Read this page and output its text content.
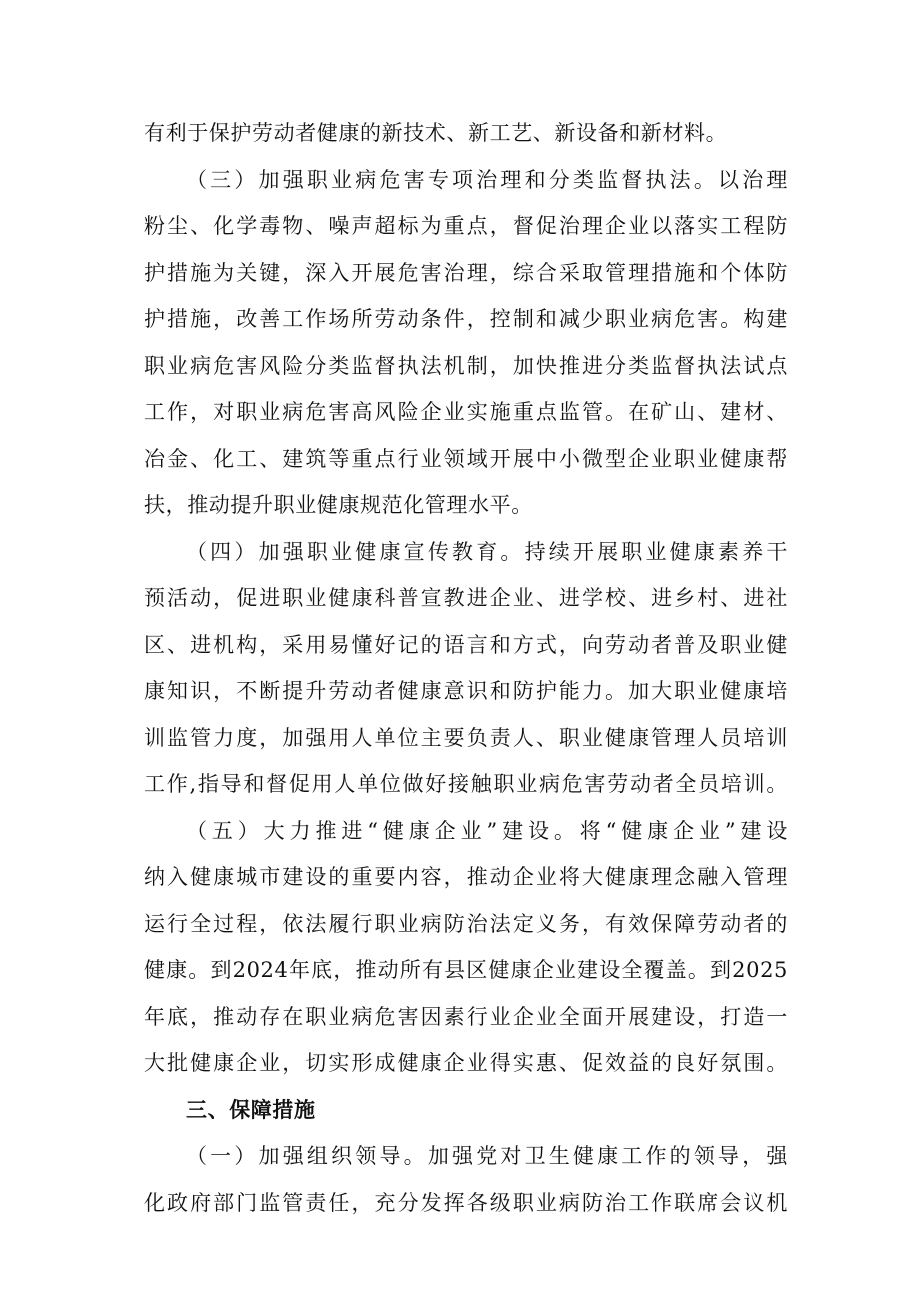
有利于保护劳动者健康的新技术、新工艺、新设备和新材料。
（三）加强职业病危害专项治理和分类监督执法。以治理
粉尘、化学毒物、噪声超标为重点，督促治理企业以落实工程防
护措施为关键，深入开展危害治理，综合采取管理措施和个体防
护措施，改善工作场所劳动条件，控制和减少职业病危害。构建
职业病危害风险分类监督执法机制，加快推进分类监督执法试点
工作，对职业病危害高风险企业实施重点监管。在矿山、建材、
冶金、化工、建筑等重点行业领域开展中小微型企业职业健康帮
扶，推动提升职业健康规范化管理水平。
（四）加强职业健康宣传教育。持续开展职业健康素养干
预活动，促进职业健康科普宣教进企业、进学校、进乡村、进社
区、进机构，采用易懂好记的语言和方式，向劳动者普及职业健
康知识，不断提升劳动者健康意识和防护能力。加大职业健康培
训监管力度，加强用人单位主要负责人、职业健康管理人员培训
工作,指导和督促用人单位做好接触职业病危害劳动者全员培训。
（五）大力推进“健康企业”建设。将“健康企业”建设
纳入健康城市建设的重要内容，推动企业将大健康理念融入管理
运行全过程，依法履行职业病防治法定义务，有效保障劳动者的
健康。到2024年底，推动所有县区健康企业建设全覆盖。到2025
年底，推动存在职业病危害因素行业企业全面开展建设，打造一
大批健康企业，切实形成健康企业得实惠、促效益的良好氛围。
三、保障措施
（一）加强组织领导。加强党对卫生健康工作的领导，强
化政府部门监管责任，充分发挥各级职业病防治工作联席会议机
